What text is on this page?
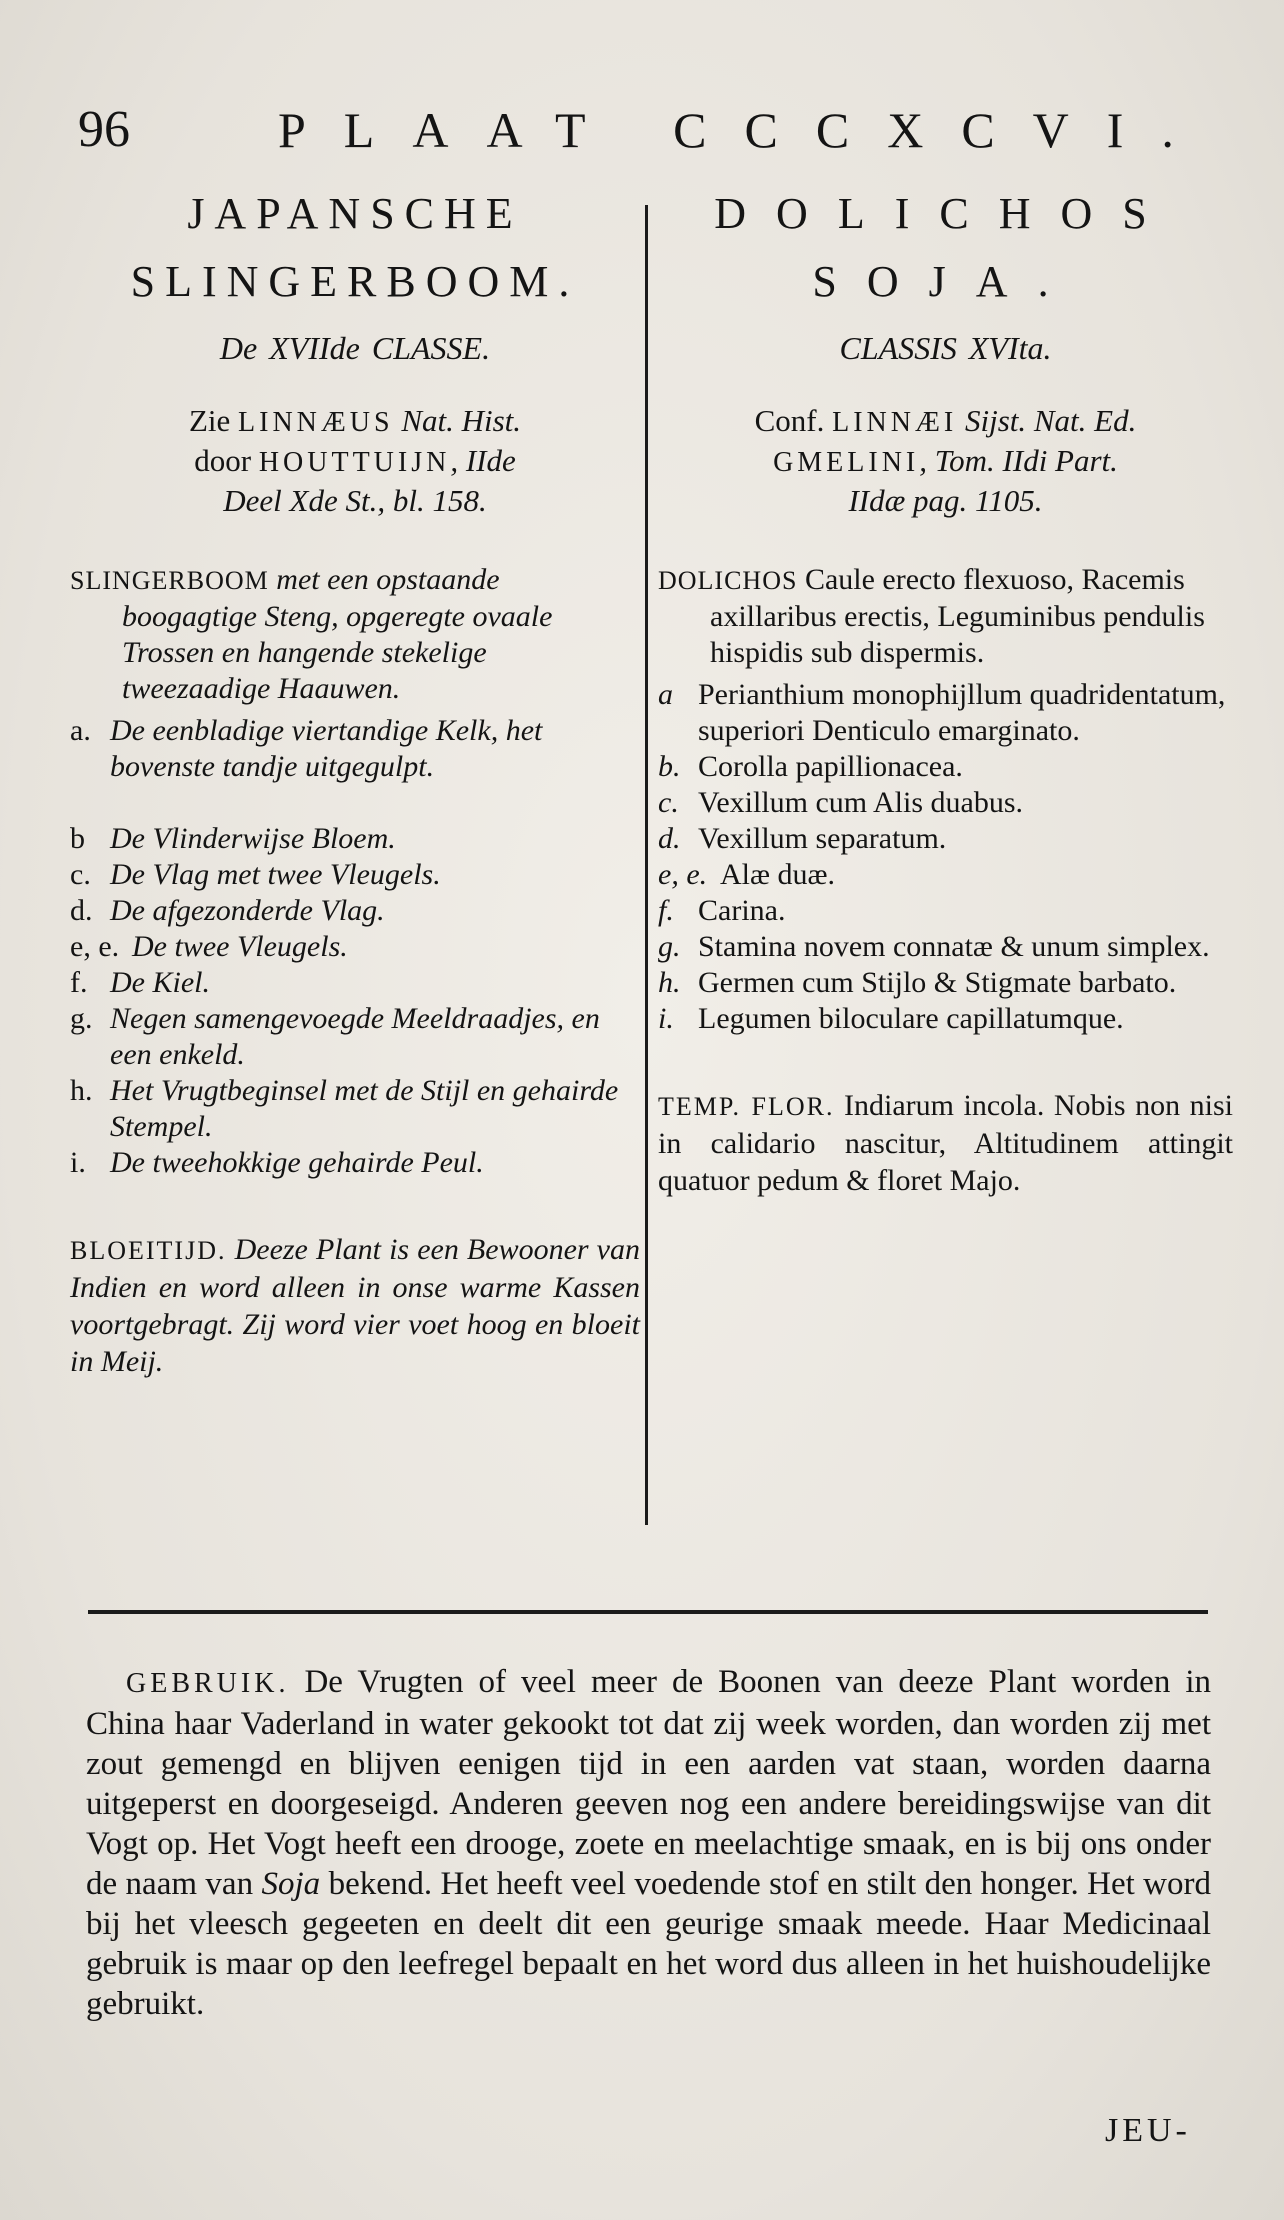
96	PLAAT CCCXCVI.
JAPANSCHE
SLINGERBOOM.
De XVIIde CLASSE.
Zie LINNÆUS Nat. Hist.
door HOUTTUIJN, IIde
Deel Xde St., bl. 158.

SLINGERBOOM met een opstaande boogagtige Steng, opgeregte ovaale Trossen en hangende stekelige tweezaadige Haauwen.

a. De eenbladige viertandige Kelk, het bovenste tandje uitgegulpt.
b De Vlinderwijse Bloem.
c. De Vlag met twee Vleugels.
d. De afgezonderde Vlag.
e, e. De twee Vleugels.
f. De Kiel.
g. Negen samengevoegde Meeldraadjes, en een enkeld.
h. Het Vrugtbeginsel met de Stijl en gehairde Stempel.
i. De tweehokkige gehairde Peul.
BLOEITIJD. Deeze Plant is een Bewooner van Indien en word alleen in onse warme Kassen voortgebragt. Zij word vier voet hoog en bloeit in Meij.
DOLICHOS
SOJA.
CLASSIS XVIta.
Conf. LINNÆI Sijst. Nat. Ed.
GMELINI, Tom. IIdi Part.
IIdæ pag. 1105.

DOLICHOS Caule erecto flexuoso, Racemis axillaribus erectis, Leguminibus pendulis hispidis sub dispermis.

a Perianthium monophijllum quadridentatum, superiori Denticulo emarginato.
b. Corolla papillionacea.
c. Vexillum cum Alis duabus.
d. Vexillum separatum.
e, e. Alæ duæ.
f. Carina.
g. Stamina novem connatæ & unum simplex.
h. Germen cum Stijlo & Stigmate barbato.
i. Legumen biloculare capillatumque.
TEMP. FLOR. Indiarum incola. Nobis non nisi in calidario nascitur, Altitudinem attingit quatuor pedum & floret Majo.
GEBRUIK. De Vrugten of veel meer de Boonen van deeze Plant worden in China haar Vaderland in water gekookt tot dat zij week worden, dan worden zij met zout gemengd en blijven eenigen tijd in een aarden vat staan, worden daarna uitgeperst en doorgeseigd. Anderen geeven nog een andere bereidingswijse van dit Vogt op. Het Vogt heeft een drooge, zoete en meelachtige smaak, en is bij ons onder de naam van Soja bekend. Het heeft veel voedende stof en stilt den honger. Het word bij het vleesch gegeeten en deelt dit een geurige smaak meede. Haar Medicinaal gebruik is maar op den leefregel bepaalt en het word dus alleen in het huishoudelijke gebruikt.
JEU-
